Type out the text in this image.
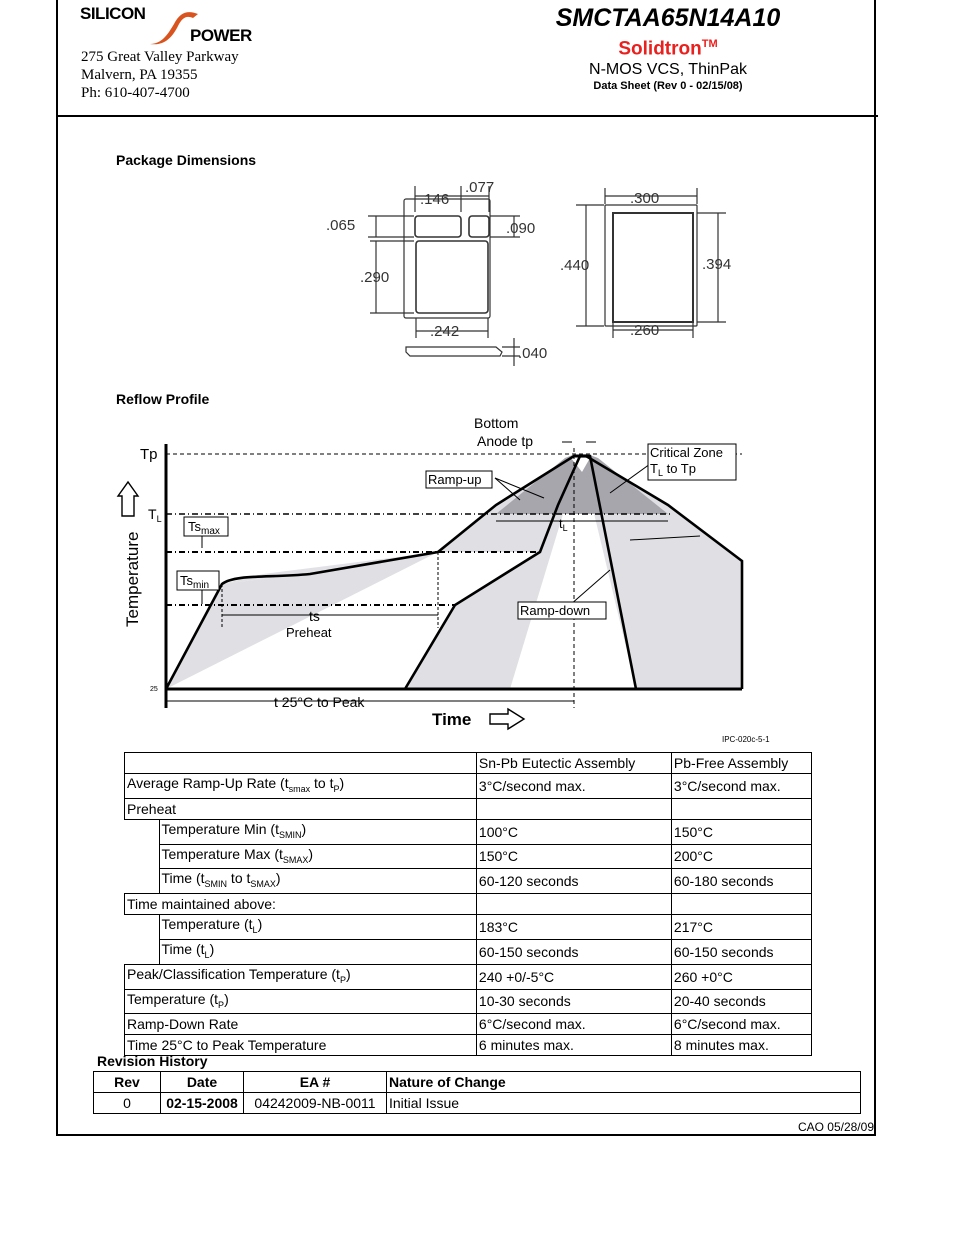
SILICON
POWER
275 Great Valley Parkway
Malvern, PA 19355
Ph: 610-407-4700
SMCTAA65N14A10
Solidtron™
N-MOS VCS, ThinPak
Data Sheet (Rev 0 - 02/15/08)
Package Dimensions
.146
.077
.065	.090
.290
.242
.040
.300
.440	.394
.260
Reflow Profile
Bottom
Anode tp
Tp
$T_L$
Temperature
$Ts_{max}$
$Ts_{min}$
Ramp-up
Ramp-down
Critical Zone
$T_L$ to Tp
$t_L$
ts
Preheat
t 25°C to Peak
Time
25
IPC-020c-5-1
		Sn-Pb Eutectic Assembly	Pb-Free Assembly
Average Ramp-Up Rate ($t_{smax}$ to $t_P$)		3°C/second max.	3°C/second max.
Preheat			
	Temperature Min $(t_{SMIN})$	100°C	150°C
	Temperature Max $(t_{SMAX})$	150°C	200°C
	Time ($t_{SMIN}$ to $t_{SMAX}$)	60-120 seconds	60-180 seconds
Time maintained above:			
	Temperature $(t_L)$	183°C	217°C
	Time $(t_L)$	60-150 seconds	60-150 seconds
Peak/Classification Temperature $(t_P)$		240 +0/-5°C	260 +0°C
Temperature $(t_P)$		10-30 seconds	20-40 seconds
Ramp-Down Rate		6°C/second max.	6°C/second max.
Time 25°C to Peak Temperature		6 minutes max.	8 minutes max.
Revision History
Rev	Date	EA #	Nature of Change
0	02-15-2008	04242009-NB-0011	Initial Issue
CAO 05/28/09
